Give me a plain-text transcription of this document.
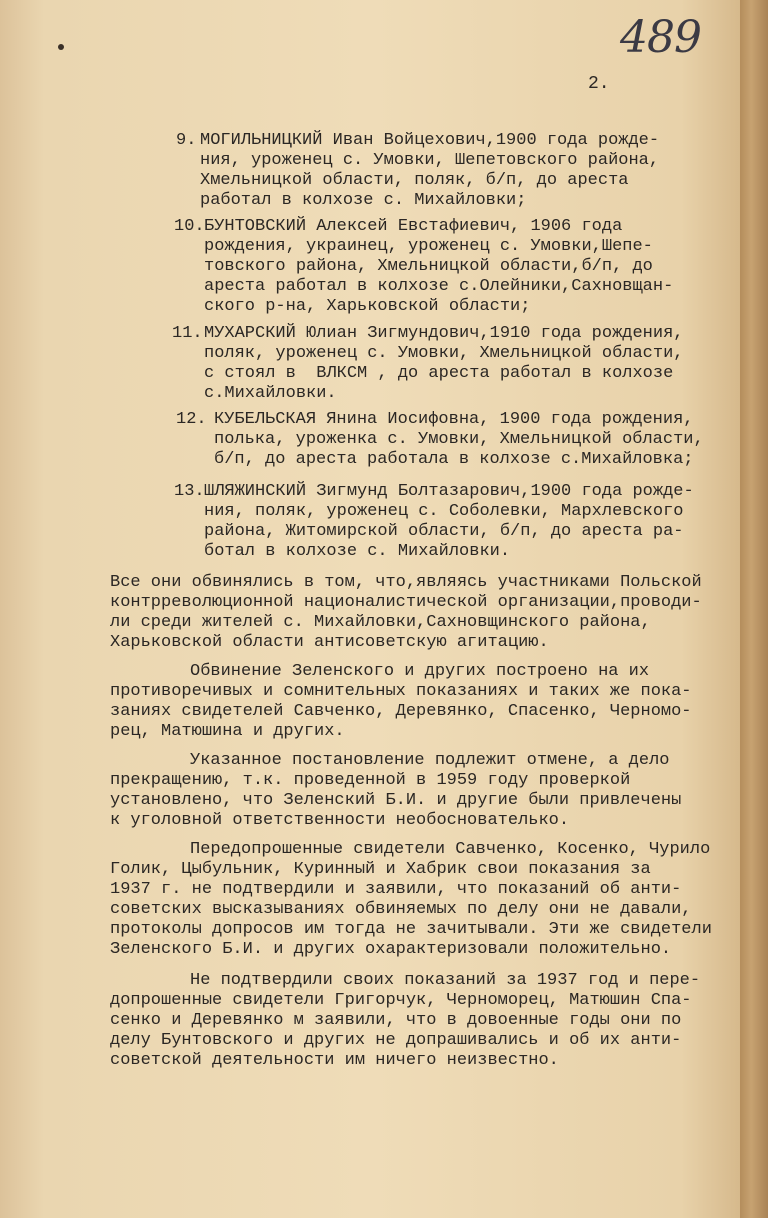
489
2.
9. МОГИЛЬНИЦКИЙ Иван Войцехович,1900 года рожде-
ния, уроженец с. Умовки, Шепетовского района,
Хмельницкой области, поляк, б/п, до ареста
работал в колхозе с. Михайловки;
10. БУНТОВСКИЙ Алексей Евстафиевич, 1906 года
рождения, украинец, уроженец с. Умовки,Шепе-
товского района, Хмельницкой области,б/п, до
ареста работал в колхозе с.Олейники,Сахновщан-
ского р-на, Харьковской области;
11. МУХАРСКИЙ Юлиан Зигмундович,1910 года рождения,
поляк, уроженец с. Умовки, Хмельницкой области,
с стоял в  ВЛКСМ , до ареста работал в колхозе
с.Михайловки.
12. КУБЕЛЬСКАЯ Янина Иосифовна, 1900 года рождения,
полька, уроженка с. Умовки, Хмельницкой области,
б/п, до ареста работала в колхозе с.Михайловка;
13. ШЛЯЖИНСКИЙ Зигмунд Болтазарович,1900 года рожде-
ния, поляк, уроженец с. Соболевки, Мархлевского
района, Житомирской области, б/п, до ареста ра-
ботал в колхозе с. Михайловки.
Все они обвинялись в том, что,являясь участниками Польской
контрреволюционной националистической организации,проводи-
ли среди жителей с. Михайловки,Сахновщинского района,
Харьковской области антисоветскую агитацию.
Обвинение Зеленского и других построено на их
противоречивых и сомнительных показаниях и таких же пока-
заниях свидетелей Савченко, Деревянко, Спасенко, Черномо-
рец, Матюшина и других.
Указанное постановление подлежит отмене, а дело
прекращению, т.к. проведенной в 1959 году проверкой
установлено, что Зеленский Б.И. и другие были привлечены
к уголовной ответственности необоснователько.
Передопрошенные свидетели Савченко, Косенко, Чурило
Голик, Цыбульник, Куринный и Хабрик свои показания за
1937 г. не подтвердили и заявили, что показаний об анти-
советских высказываниях обвиняемых по делу они не давали,
протоколы допросов им тогда не зачитывали. Эти же свидетели
Зеленского Б.И. и других охарактеризовали положительно.
Не подтвердили своих показаний за 1937 год и пере-
допрошенные свидетели Григорчук, Черноморец, Матюшин Спа-
сенко и Деревянко м заявили, что в довоенные годы они по
делу Бунтовского и других не допрашивались и об их анти-
советской деятельности им ничего неизвестно.
